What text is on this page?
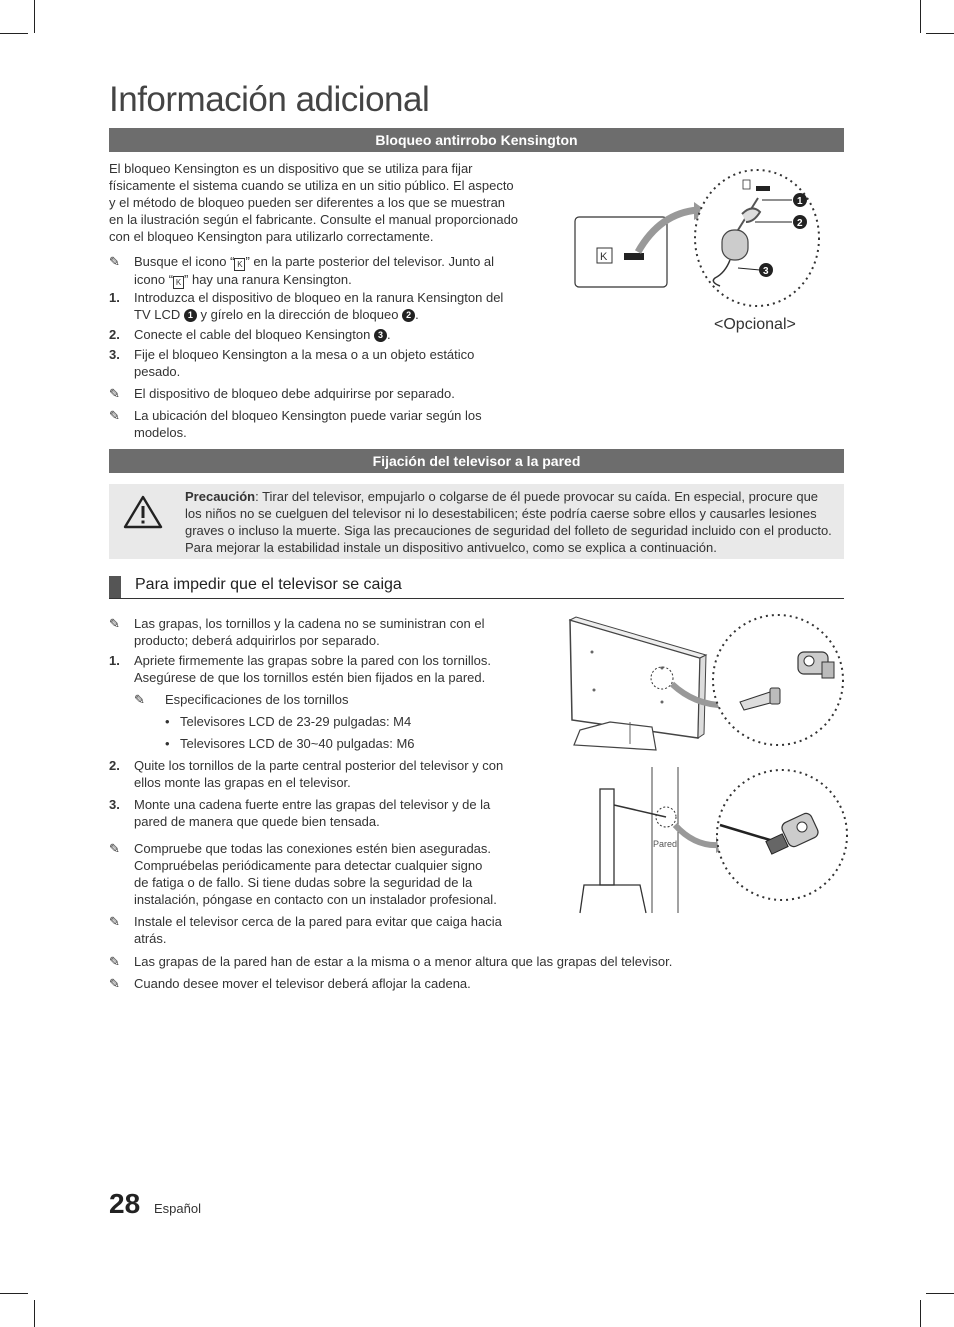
Información adicional
Bloqueo antirrobo Kensington
El bloqueo Kensington es un dispositivo que se utiliza para fijar
físicamente el sistema cuando se utiliza en un sitio público. El aspecto
y el método de bloqueo pueden ser diferentes a los que se muestran
en la ilustración según el fabricante. Consulte el manual proporcionado
con el bloqueo Kensington para utilizarlo correctamente.
✎	Busque el icono “ K ” en la parte posterior del televisor. Junto al
icono “ K ” hay una ranura Kensington.
1.	Introduzca el dispositivo de bloqueo en la ranura Kensington del
TV LCD 1 y gírelo en la dirección de bloqueo 2 .
2.	Conecte el cable del bloqueo Kensington 3 .
3.	Fije el bloqueo Kensington a la mesa o a un objeto estático
pesado.
✎	El dispositivo de bloqueo debe adquirirse por separado.
✎	La ubicación del bloqueo Kensington puede variar según los
modelos.
K
1
2
3
<Opcional>
Fijación del televisor a la pared
Precaución: Tirar del televisor, empujarlo o colgarse de él puede provocar su caída. En especial, procure que
los niños no se cuelguen del televisor ni lo desestabilicen; éste podría caerse sobre ellos y causarles lesiones
graves o incluso la muerte. Siga las precauciones de seguridad del folleto de seguridad incluido con el producto.
Para mejorar la estabilidad instale un dispositivo antivuelco, como se explica a continuación.
Para impedir que el televisor se caiga
✎	Las grapas, los tornillos y la cadena no se suministran con el
producto; deberá adquirirlos por separado.
1.	Apriete firmemente las grapas sobre la pared con los tornillos.
Asegúrese de que los tornillos estén bien fijados en la pared.
✎	Especificaciones de los tornillos
• Televisores LCD de 23-29 pulgadas: M4
• Televisores LCD de 30~40 pulgadas: M6
2.	Quite los tornillos de la parte central posterior del televisor y con
ellos monte las grapas en el televisor.
3.	Monte una cadena fuerte entre las grapas del televisor y de la
pared de manera que quede bien tensada.
✎	Compruebe que todas las conexiones estén bien aseguradas.
Compruébelas periódicamente para detectar cualquier signo
de fatiga o de fallo. Si tiene dudas sobre la seguridad de la
instalación, póngase en contacto con un instalador profesional.
✎	Instale el televisor cerca de la pared para evitar que caiga hacia
atrás.
✎	Las grapas de la pared han de estar a la misma o a menor altura que las grapas del televisor.
✎	Cuando desee mover el televisor deberá aflojar la cadena.
Pared
28 Español
